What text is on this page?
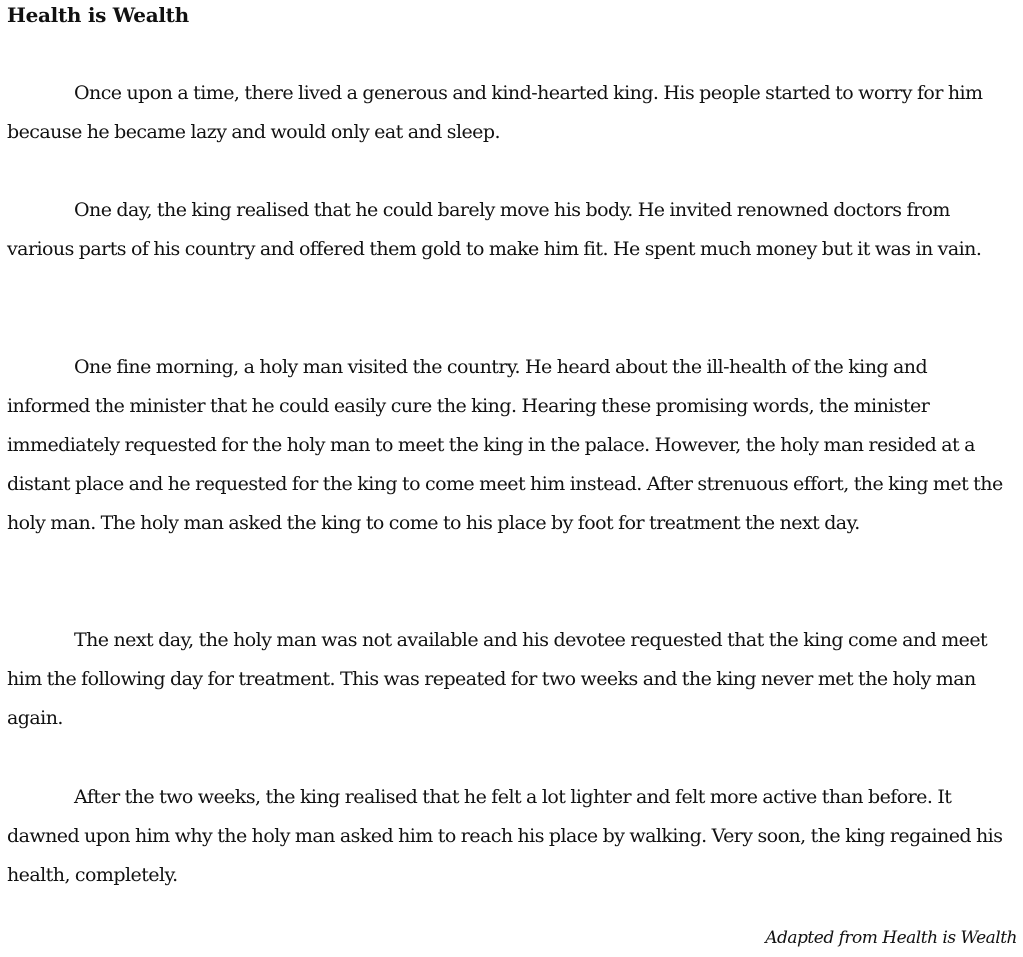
Health is Wealth

Once upon a time, there lived a generous and kind-hearted king. His people started to worry for him because he became lazy and would only eat and sleep.

One day, the king realised that he could barely move his body. He invited renowned doctors from various parts of his country and offered them gold to make him fit. He spent much money but it was in vain.

One fine morning, a holy man visited the country. He heard about the ill-health of the king and informed the minister that he could easily cure the king. Hearing these promising words, the minister immediately requested for the holy man to meet the king in the palace. However, the holy man resided at a distant place and he requested for the king to come meet him instead. After strenuous effort, the king met the holy man. The holy man asked the king to come to his place by foot for treatment the next day.

The next day, the holy man was not available and his devotee requested that the king come and meet him the following day for treatment. This was repeated for two weeks and the king never met the holy man again.

After the two weeks, the king realised that he felt a lot lighter and felt more active than before. It dawned upon him why the holy man asked him to reach his place by walking. Very soon, the king regained his health, completely.

Adapted from Health is Wealth
